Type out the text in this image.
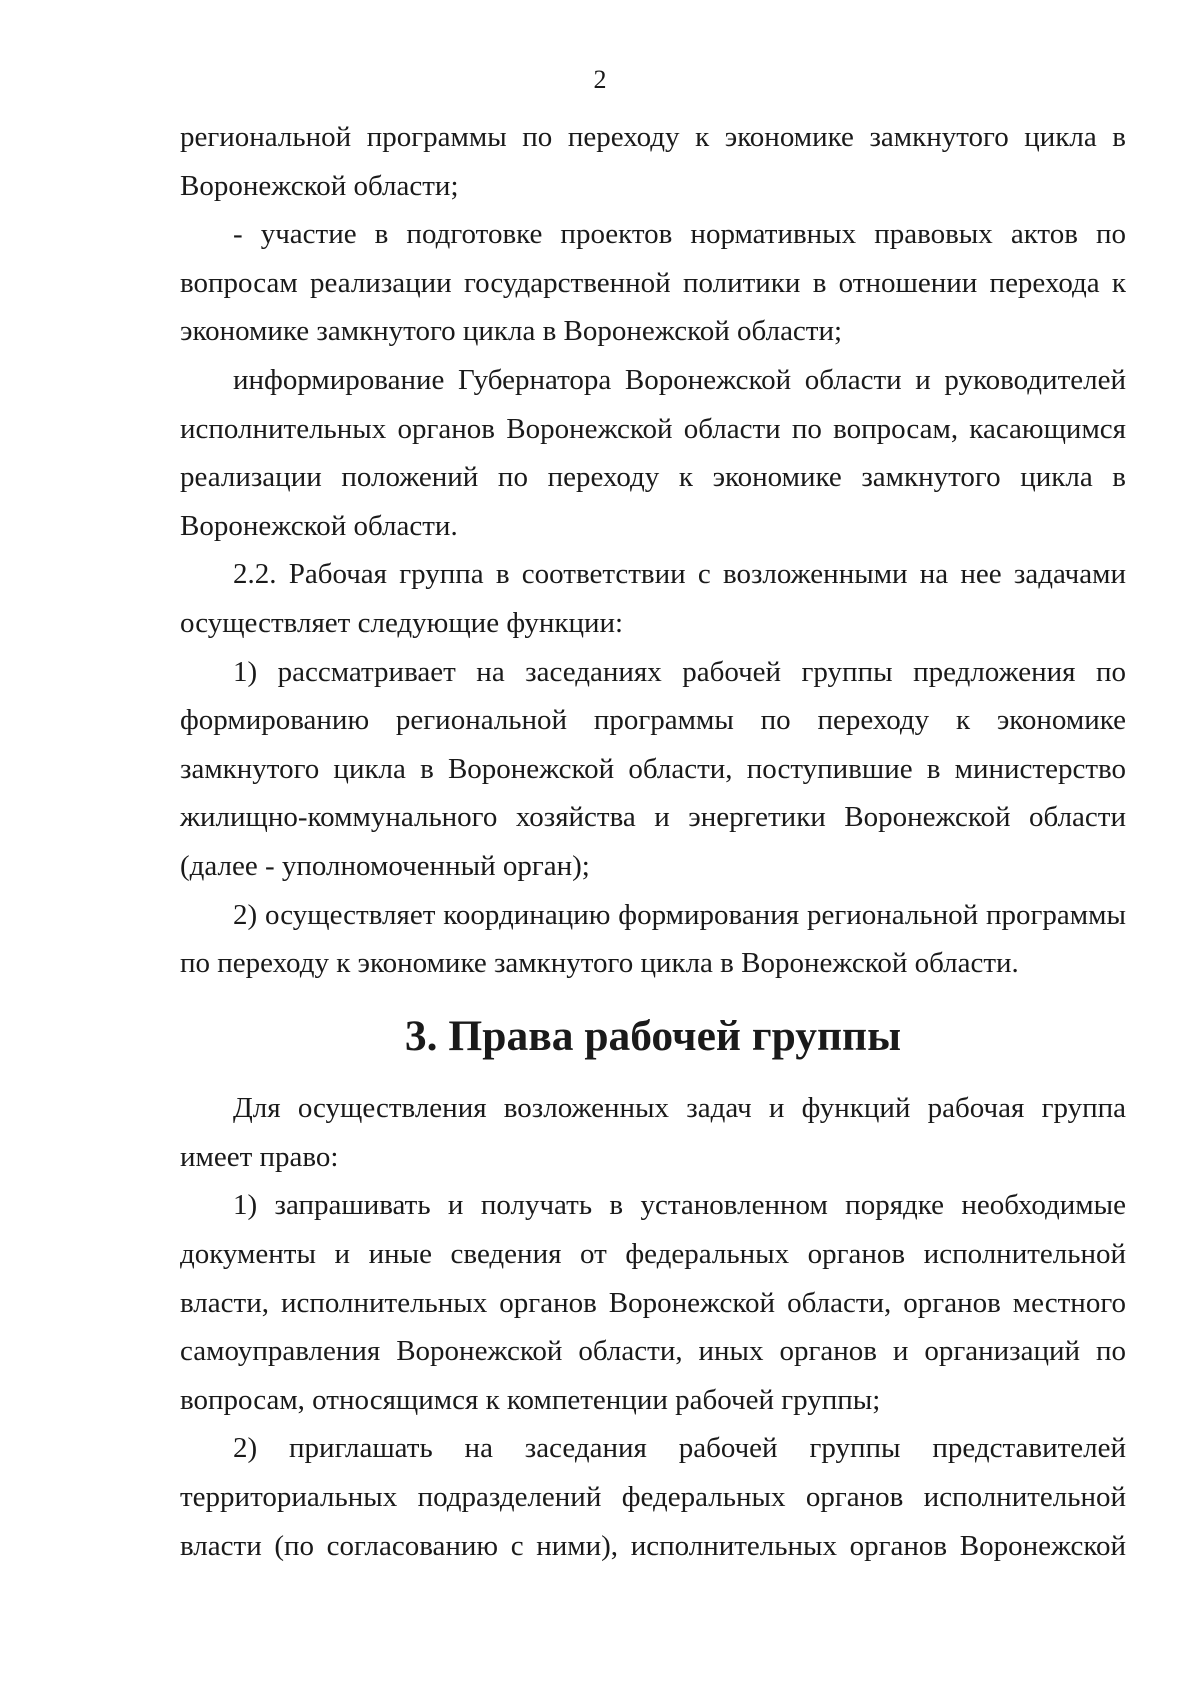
2

региональной программы по переходу к экономике замкнутого цикла в Воронежской области;

- участие в подготовке проектов нормативных правовых актов по вопросам реализации государственной политики в отношении перехода к экономике замкнутого цикла в Воронежской области;

информирование Губернатора Воронежской области и руководителей исполнительных органов Воронежской области по вопросам, касающимся реализации положений по переходу к экономике замкнутого цикла в Воронежской области.

2.2. Рабочая группа в соответствии с возложенными на нее задачами осуществляет следующие функции:

1) рассматривает на заседаниях рабочей группы предложения по формированию региональной программы по переходу к экономике замкнутого цикла в Воронежской области, поступившие в министерство жилищно-коммунального хозяйства и энергетики Воронежской области (далее - уполномоченный орган);

2) осуществляет координацию формирования региональной программы по переходу к экономике замкнутого цикла в Воронежской области.

3. Права рабочей группы

Для осуществления возложенных задач и функций рабочая группа имеет право:

1) запрашивать и получать в установленном порядке необходимые документы и иные сведения от федеральных органов исполнительной власти, исполнительных органов Воронежской области, органов местного самоуправления Воронежской области, иных органов и организаций по вопросам, относящимся к компетенции рабочей группы;

2) приглашать на заседания рабочей группы представителей территориальных подразделений федеральных органов исполнительной власти (по согласованию с ними), исполнительных органов Воронежской
